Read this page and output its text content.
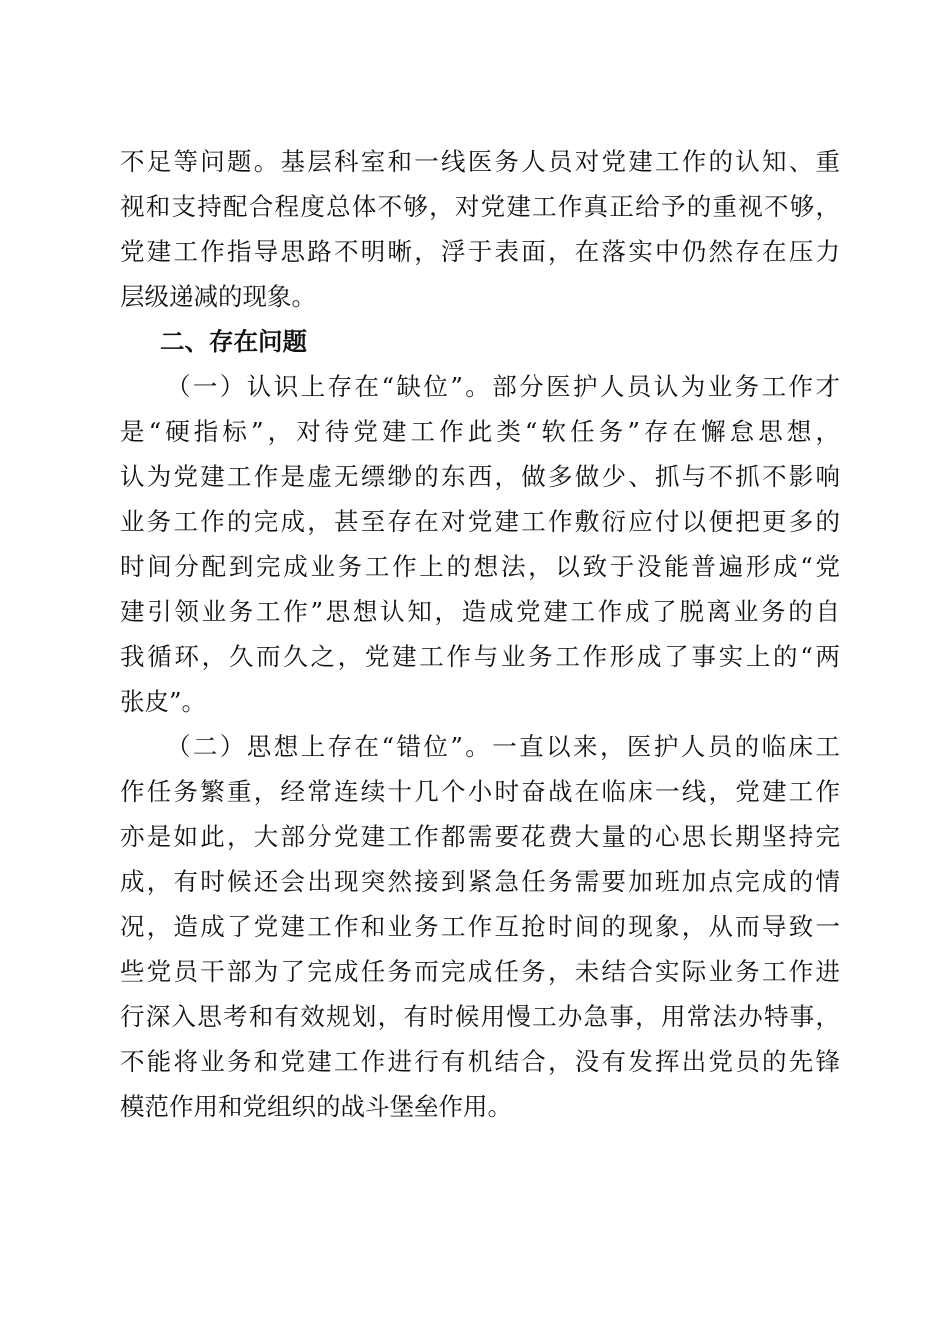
不足等问题。基层科室和一线医务人员对党建工作的认知、重
视和支持配合程度总体不够，对党建工作真正给予的重视不够，
党建工作指导思路不明晰，浮于表面，在落实中仍然存在压力
层级递减的现象。
二、存在问题
（一）认识上存在“缺位”。部分医护人员认为业务工作才
是“硬指标”，对待党建工作此类“软任务”存在懈怠思想，
认为党建工作是虚无缥缈的东西，做多做少、抓与不抓不影响
业务工作的完成，甚至存在对党建工作敷衍应付以便把更多的
时间分配到完成业务工作上的想法，以致于没能普遍形成“党
建引领业务工作”思想认知，造成党建工作成了脱离业务的自
我循环，久而久之，党建工作与业务工作形成了事实上的“两
张皮”。
（二）思想上存在“错位”。一直以来，医护人员的临床工
作任务繁重，经常连续十几个小时奋战在临床一线，党建工作
亦是如此，大部分党建工作都需要花费大量的心思长期坚持完
成，有时候还会出现突然接到紧急任务需要加班加点完成的情
况，造成了党建工作和业务工作互抢时间的现象，从而导致一
些党员干部为了完成任务而完成任务，未结合实际业务工作进
行深入思考和有效规划，有时候用慢工办急事，用常法办特事，
不能将业务和党建工作进行有机结合，没有发挥出党员的先锋
模范作用和党组织的战斗堡垒作用。
